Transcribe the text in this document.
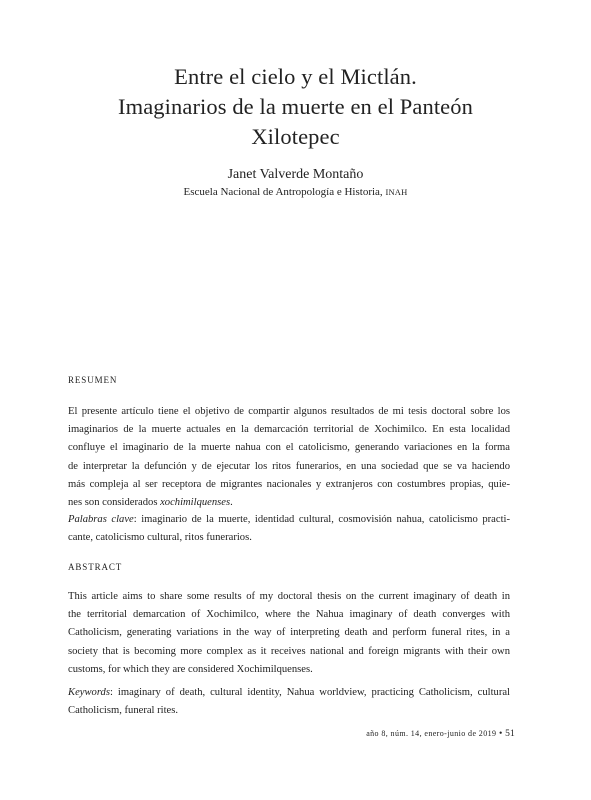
Entre el cielo y el Mictlán.
Imaginarios de la muerte en el Panteón
Xilotepec
Janet Valverde Montaño
Escuela Nacional de Antropología e Historia, INAH
RESUMEN
El presente artículo tiene el objetivo de compartir algunos resultados de mi tesis doctoral sobre los
imaginarios de la muerte actuales en la demarcación territorial de Xochimilco. En esta localidad
confluye el imaginario de la muerte nahua con el catolicismo, generando variaciones en la forma
de interpretar la defunción y de ejecutar los ritos funerarios, en una sociedad que se va haciendo
más compleja al ser receptora de migrantes nacionales y extranjeros con costumbres propias, quie-
nes son considerados xochimilquenses.
Palabras clave: imaginario de la muerte, identidad cultural, cosmovisión nahua, catolicismo practi-
cante, catolicismo cultural, ritos funerarios.
ABSTRACT
This article aims to share some results of my doctoral thesis on the current imaginary of death in
the territorial demarcation of Xochimilco, where the Nahua imaginary of death converges with
Catholicism, generating variations in the way of interpreting death and perform funeral rites, in a
society that is becoming more complex as it receives national and foreign migrants with their own
customs, for which they are considered Xochimilquenses.
Keywords: imaginary of death, cultural identity, Nahua worldview, practicing Catholicism, cultural
Catholicism, funeral rites.
año 8, núm. 14, enero-junio de 2019 • 51
